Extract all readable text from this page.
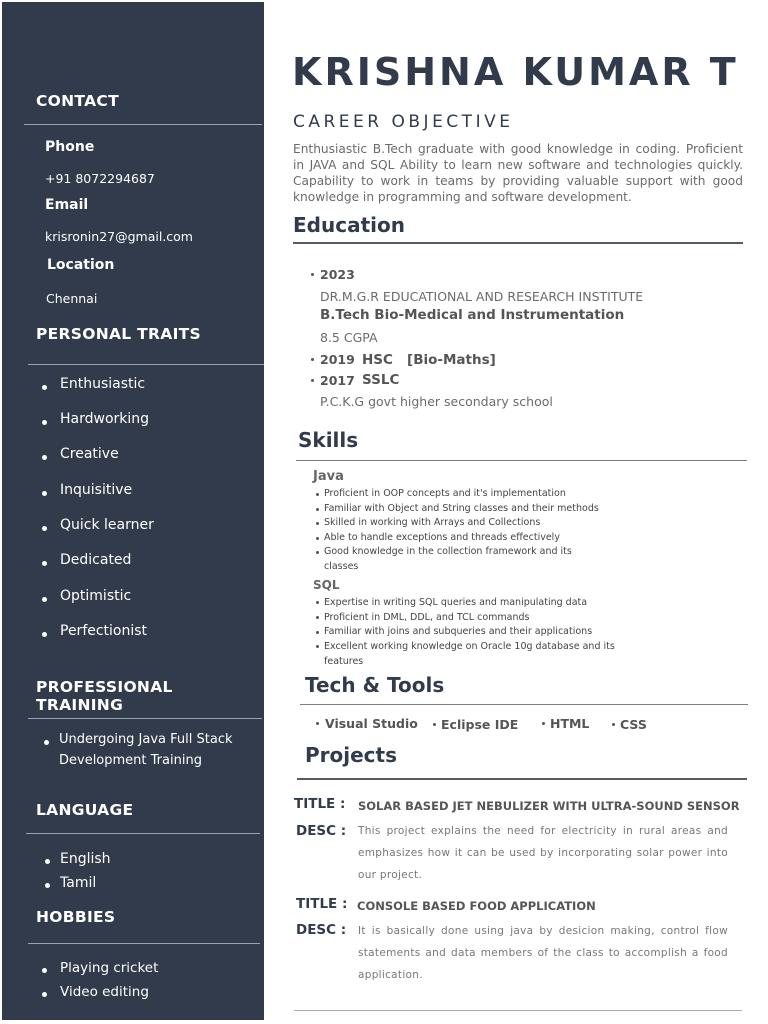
CONTACT
Phone
+91 8072294687
Email
krisronin27@gmail.com
Location
Chennai
PERSONAL TRAITS
Enthusiastic
Hardworking
Creative
Inquisitive
Quick learner
Dedicated
Optimistic
Perfectionist
PROFESSIONAL TRAINING
Undergoing Java Full Stack
Development Training
LANGUAGE
English
Tamil
HOBBIES
Playing cricket
Video editing
KRISHNA KUMAR T
CAREER OBJECTIVE
Enthusiastic B.Tech graduate with good knowledge in coding. Proficient in JAVA and SQL Ability to learn new software and technologies quickly. Capability to work in teams by providing valuable support with good knowledge in programming and software development.
Education
2023
DR.M.G.R EDUCATIONAL AND RESEARCH INSTITUTE
B.Tech Bio-Medical and Instrumentation
8.5 CGPA
2019 HSC   [Bio-Maths]
2017 SSLC
P.C.K.G govt higher secondary school
Skills
Java
Proficient in OOP concepts and it's implementation
Familiar with Object and String classes and their methods
Skilled in working with Arrays and Collections
Able to handle exceptions and threads effectively
Good knowledge in the collection framework and its
classes
SQL
Expertise in writing SQL queries and manipulating data
Proficient in DML, DDL, and TCL commands
Familiar with joins and subqueries and their applications
Excellent working knowledge on Oracle 10g database and its
features
Tech & Tools
Visual Studio Eclipse IDE	HTML CSS
Projects
TITLE : SOLAR BASED JET NEBULIZER WITH ULTRA-SOUND SENSOR
DESC : This project explains the need for electricity in rural areas and emphasizes how it can be used by incorporating solar power into our project.
TITLE : CONSOLE BASED FOOD APPLICATION
DESC : It is basically done using java by desicion making, control flow statements and data members of the class to accomplish a food application.
